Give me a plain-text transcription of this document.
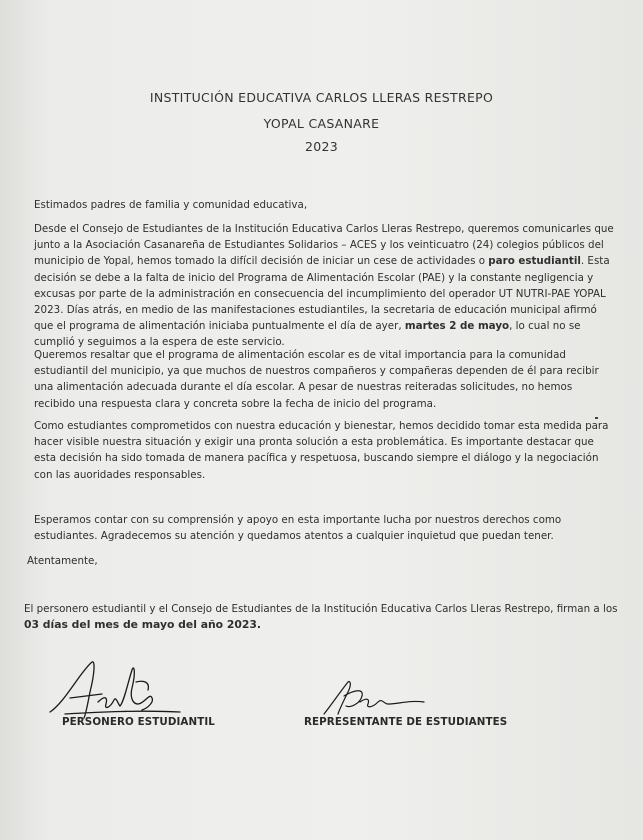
INSTITUCIÓN EDUCATIVA CARLOS LLERAS RESTREPO
YOPAL CASANARE
2023
Estimados padres de familia y comunidad educativa,
Desde el Consejo de Estudiantes de la Institución Educativa Carlos Lleras Restrepo, queremos comunicarles que junto a la Asociación Casanareña de Estudiantes Solidarios – ACES y los veinticuatro (24) colegios públicos del municipio de Yopal, hemos tomado la difícil decisión de iniciar un cese de actividades o paro estudiantil. Esta decisión se debe a la falta de inicio del Programa de Alimentación Escolar (PAE) y la constante negligencia y excusas por parte de la administración en consecuencia del incumplimiento del operador UT NUTRI-PAE YOPAL 2023. Días atrás, en medio de las manifestaciones estudiantiles, la secretaria de educación municipal afirmó que el programa de alimentación iniciaba puntualmente el día de ayer, martes 2 de mayo, lo cual no se cumplió y seguimos a la espera de este servicio.
Queremos resaltar que el programa de alimentación escolar es de vital importancia para la comunidad estudiantil del municipio, ya que muchos de nuestros compañeros y compañeras dependen de él para recibir una alimentación adecuada durante el día escolar. A pesar de nuestras reiteradas solicitudes, no hemos recibido una respuesta clara y concreta sobre la fecha de inicio del programa.
Como estudiantes comprometidos con nuestra educación y bienestar, hemos decidido tomar esta medida para hacer visible nuestra situación y exigir una pronta solución a esta problemática. Es importante destacar que esta decisión ha sido tomada de manera pacífica y respetuosa, buscando siempre el diálogo y la negociación con las auoridades responsables.
Esperamos contar con su comprensión y apoyo en esta importante lucha por nuestros derechos como estudiantes. Agradecemos su atención y quedamos atentos a cualquier inquietud que puedan tener.
Atentamente,
El personero estudiantil y el Consejo de Estudiantes de la Institución Educativa Carlos Lleras Restrepo, firman a los 03 días del mes de mayo del año 2023.
PERSONERO ESTUDIANTIL	REPRESENTANTE DE ESTUDIANTES
